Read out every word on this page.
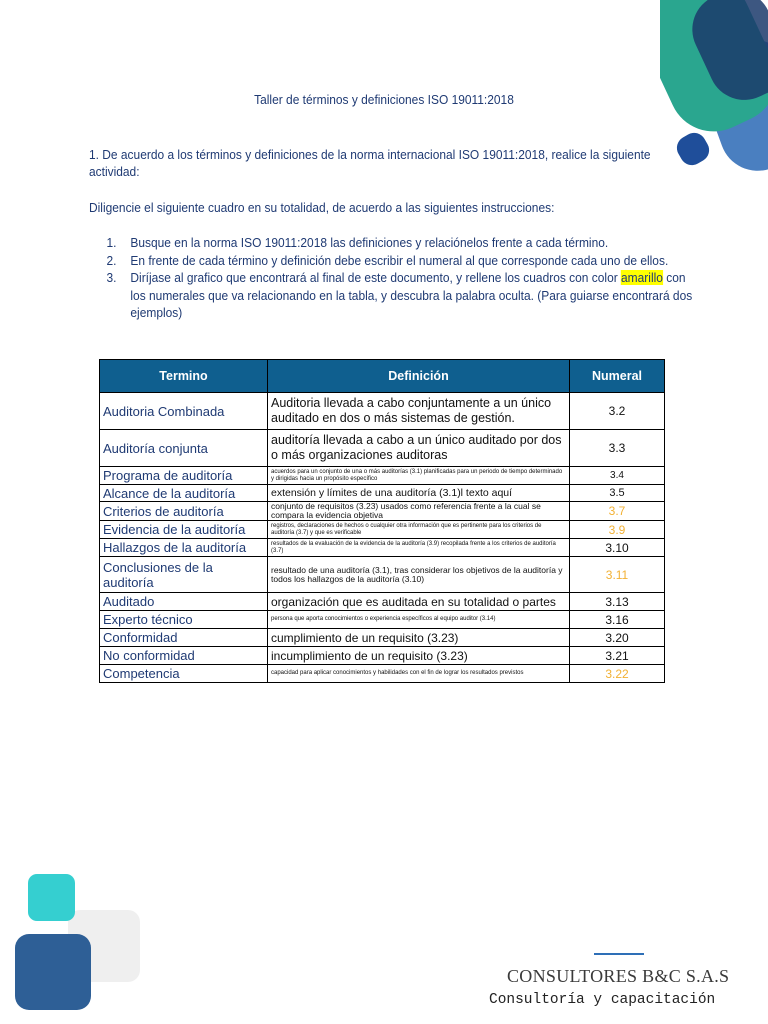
Taller de términos y definiciones ISO 19011:2018
1. De acuerdo a los términos y definiciones de la norma internacional ISO 19011:2018, realice la siguiente actividad:
Diligencie el siguiente cuadro en su totalidad, de acuerdo a las siguientes instrucciones:
1. Busque en la norma ISO 19011:2018 las definiciones y relaciónelos frente a cada término.
2. En frente de cada término y definición debe escribir el numeral al que corresponde cada uno de ellos.
3. Diríjase al grafico que encontrará al final de este documento, y rellene los cuadros con color amarillo con los numerales que va relacionando en la tabla, y descubra la palabra oculta. (Para guiarse encontrará dos ejemplos)
Termino	Definición	Numeral
Auditoria Combinada	Auditoria llevada a cabo conjuntamente a un único auditado en dos o más sistemas de gestión.	3.2
Auditoría conjunta	auditoría llevada a cabo a un único auditado por dos o más organizaciones auditoras	3.3
Programa de auditoría	acuerdos para un conjunto de una o más auditorías (3.1) planificadas para un periodo de tiempo determinado y dirigidas hacia un propósito específico	3.4
Alcance de la auditoría	extensión y límites de una auditoría (3.1)l texto aquí	3.5
Criterios de auditoría	conjunto de requisitos (3.23) usados como referencia frente a la cual se compara la evidencia objetiva	3.7
Evidencia de la auditoría	registros, declaraciones de hechos o cualquier otra información que es pertinente para los criterios de auditoría (3.7) y que es verificable	3.9
Hallazgos de la auditoría	resultados de la evaluación de la evidencia de la auditoría (3.9) recopilada frente a los criterios de auditoría (3.7)	3.10
Conclusiones de la auditoría	resultado de una auditoría (3.1), tras considerar los objetivos de la auditoría y todos los hallazgos de la auditoría (3.10)	3.11
Auditado	organización que es auditada en su totalidad o partes	3.13
Experto técnico	persona que aporta conocimientos o experiencia específicos al equipo auditor (3.14)	3.16
Conformidad	cumplimiento de un requisito (3.23)	3.20
No conformidad	incumplimiento de un requisito (3.23)	3.21
Competencia	capacidad para aplicar conocimientos y habilidades con el fin de lograr los resultados previstos	3.22
CONSULTORES B&C S.A.S
Consultoría y capacitación
